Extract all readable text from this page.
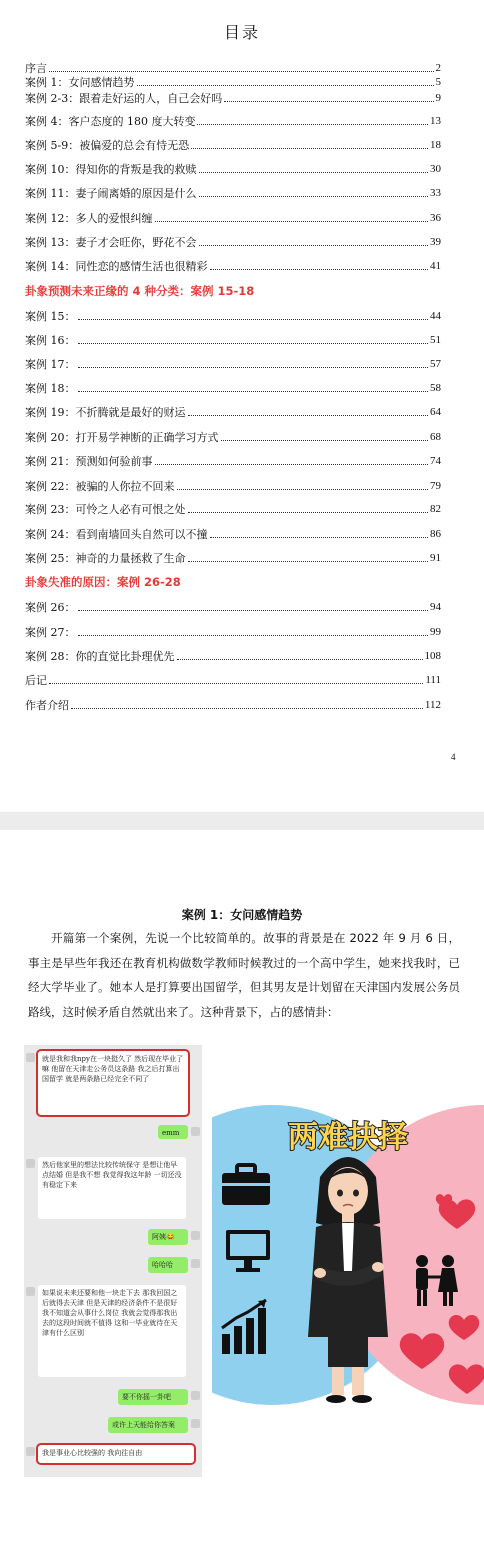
目录
序言	2
案例 1：女问感情趋势	5
案例 2-3：跟着走好运的人，自己会好吗	9
案例 4：客户态度的 180 度大转变	13
案例 5-9：被偏爱的总会有恃无恐	18
案例 10：得知你的背叛是我的救赎	30
案例 11：妻子闹离婚的原因是什么	33
案例 12：多人的爱恨纠缠	36
案例 13：妻子才会旺你，野花不会	39
案例 14：同性恋的感情生活也很精彩	41
案例 15：	44
案例 16：	51
案例 17：	57
案例 18：	58
案例 19：不折腾就是最好的财运	64
案例 20：打开易学神断的正确学习方式	68
案例 21：预测如何验前事	74
案例 22：被骗的人你拉不回来	79
案例 23：可怜之人必有可恨之处	82
案例 24：看到南墙回头自然可以不撞	86
案例 25：神奇的力量拯救了生命	91
案例 26：	94
案例 27：	99
案例 28：你的直觉比卦理优先	108
后记	111
作者介绍	112
卦象预测未来正缘的 4 种分类：案例 15-18
卦象失准的原因：案例 26-28
4
案例 1：女问感情趋势
开篇第一个案例，先说一个比较简单的。故事的背景是在 2022 年 9 月 6 日，事主是早些年我还在教育机构做数学教师时候教过的一个高中学生，她来找我时，已经大学毕业了。她本人是打算要出国留学，但其男友是计划留在天津国内发展公务员路线，这时候矛盾自然就出来了。这种背景下，占的感情卦：
就是我和我npy在一块挺久了 然后现在毕业了嘛 他留在天津走公务员这条路 我之后打算出国留学 就是两条路已经完全不同了
emm
然后他家里的想法比较传统保守 是想让他早点结婚 但是我不想 我觉得我这年龄 一切还没有稳定下来
阿姨😂
哈哈哈
如果说未来还要和他一块走下去 那我回国之后就得去天津 但是天津的经济条件不是很好 我不知道会从事什么岗位 我就会觉得那我出去的这段时间就不值得 这和一毕业就待在天津有什么区别
要不你摇一卦吧
或许上天能给你答案
我是事业心比较强的 我向往自由
两难抉择
